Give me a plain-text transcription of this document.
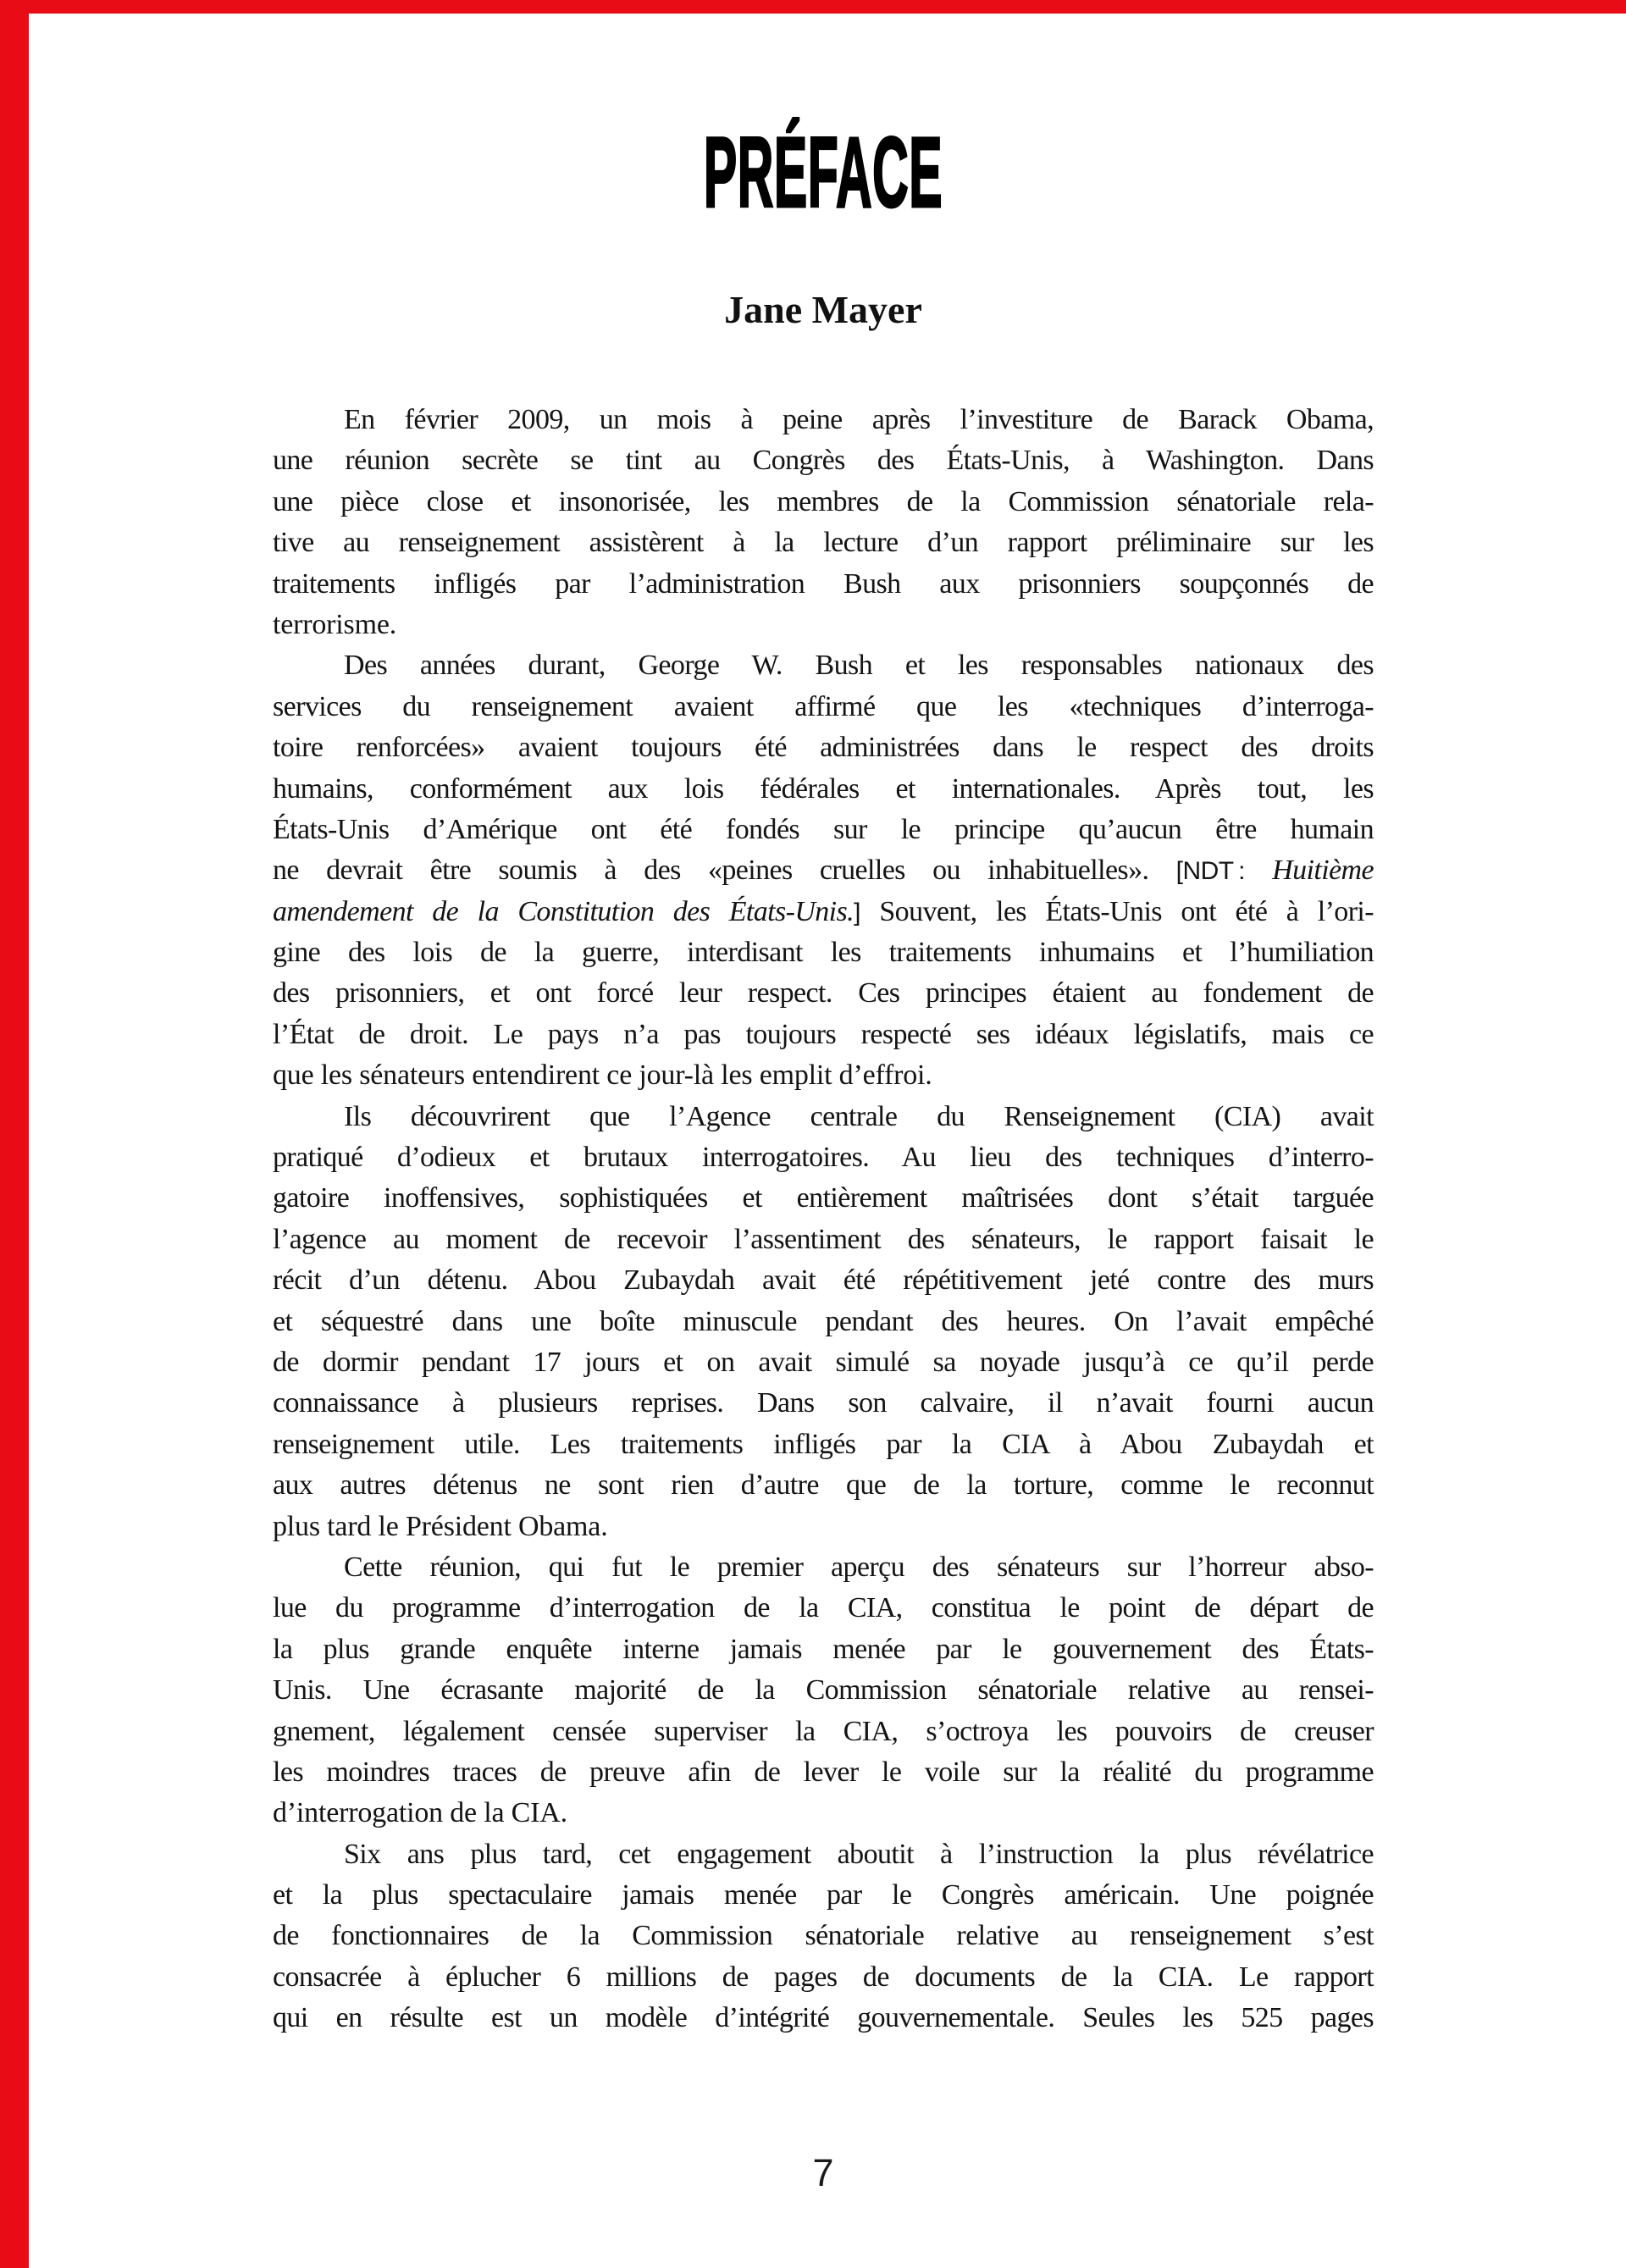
PRÉFACE
Jane Mayer
En février 2009, un mois à peine après l’investiture de Barack Obama,
une réunion secrète se tint au Congrès des États-Unis, à Washington. Dans
une pièce close et insonorisée, les membres de la Commission sénatoriale rela-
tive au renseignement assistèrent à la lecture d’un rapport préliminaire sur les
traitements infligés par l’administration Bush aux prisonniers soupçonnés de
terrorisme.
Des années durant, George W. Bush et les responsables nationaux des
services du renseignement avaient affirmé que les «techniques d’interroga-
toire renforcées» avaient toujours été administrées dans le respect des droits
humains, conformément aux lois fédérales et internationales. Après tout, les
États-Unis d’Amérique ont été fondés sur le principe qu’aucun être humain
ne devrait être soumis à des «peines cruelles ou inhabituelles». [NDT : Huitième
amendement de la Constitution des États-Unis.] Souvent, les États-Unis ont été à l’ori-
gine des lois de la guerre, interdisant les traitements inhumains et l’humiliation
des prisonniers, et ont forcé leur respect. Ces principes étaient au fondement de
l’État de droit. Le pays n’a pas toujours respecté ses idéaux législatifs, mais ce
que les sénateurs entendirent ce jour-là les emplit d’effroi.
Ils découvrirent que l’Agence centrale du Renseignement (CIA) avait
pratiqué d’odieux et brutaux interrogatoires. Au lieu des techniques d’interro-
gatoire inoffensives, sophistiquées et entièrement maîtrisées dont s’était targuée
l’agence au moment de recevoir l’assentiment des sénateurs, le rapport faisait le
récit d’un détenu. Abou Zubaydah avait été répétitivement jeté contre des murs
et séquestré dans une boîte minuscule pendant des heures. On l’avait empêché
de dormir pendant 17 jours et on avait simulé sa noyade jusqu’à ce qu’il perde
connaissance à plusieurs reprises. Dans son calvaire, il n’avait fourni aucun
renseignement utile. Les traitements infligés par la CIA à Abou Zubaydah et
aux autres détenus ne sont rien d’autre que de la torture, comme le reconnut
plus tard le Président Obama.
Cette réunion, qui fut le premier aperçu des sénateurs sur l’horreur abso-
lue du programme d’interrogation de la CIA, constitua le point de départ de
la plus grande enquête interne jamais menée par le gouvernement des États-
Unis. Une écrasante majorité de la Commission sénatoriale relative au rensei-
gnement, légalement censée superviser la CIA, s’octroya les pouvoirs de creuser
les moindres traces de preuve afin de lever le voile sur la réalité du programme
d’interrogation de la CIA.
Six ans plus tard, cet engagement aboutit à l’instruction la plus révélatrice
et la plus spectaculaire jamais menée par le Congrès américain. Une poignée
de fonctionnaires de la Commission sénatoriale relative au renseignement s’est
consacrée à éplucher 6 millions de pages de documents de la CIA. Le rapport
qui en résulte est un modèle d’intégrité gouvernementale. Seules les 525 pages
7
